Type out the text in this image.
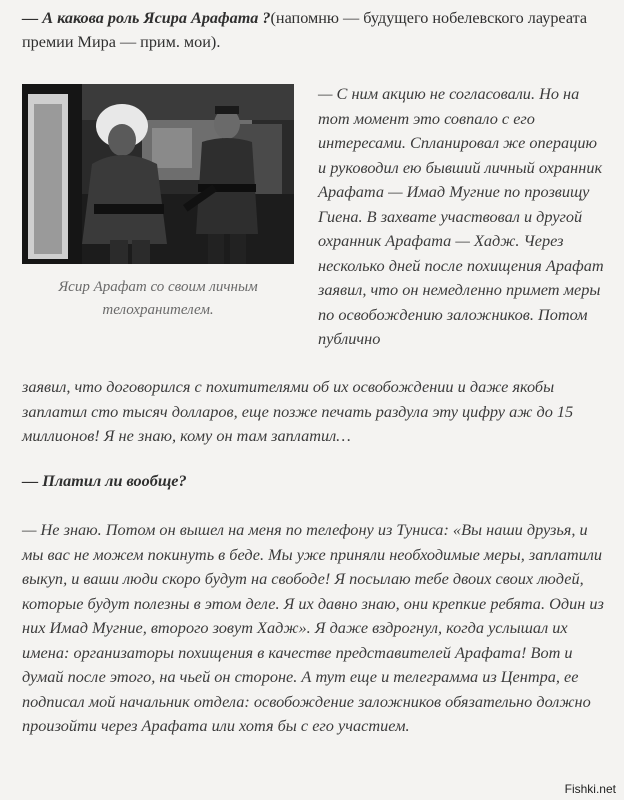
— А какова роль Ясира Арафата ?(напомню — будущего нобелевского лауреата премии Мира — прим. мои).
Ясир Арафат со своим личным телохранителем.

— С ним акцию не согласовали. Но на тот момент это совпало с его интересами. Спланировал же операцию и руководил ею бывший личный охранник Арафата — Имад Мугние по прозвищу Гиена. В захвате участвовал и другой охранник Арафата — Хадж. Через несколько дней после похищения Арафат заявил, что он немедленно примет меры по освобождению заложников. Потом публично

заявил, что договорился с похитителями об их освобождении и даже якобы заплатил сто тысяч долларов, еще позже печать раздула эту цифру аж до 15 миллионов! Я не знаю, кому он там заплатил…

— Платил ли вообще?

— Не знаю. Потом он вышел на меня по телефону из Туниса: «Вы наши друзья, и мы вас не можем покинуть в беде. Мы уже приняли необходимые меры, заплатили выкуп, и ваши люди скоро будут на свободе! Я посылаю тебе двоих своих людей, которые будут полезны в этом деле. Я их давно знаю, они крепкие ребята. Один из них Имад Мугние, второго зовут Хадж». Я даже вздрогнул, когда услышал их имена: организаторы похищения в качестве представителей Арафата! Вот и думай после этого, на чьей он стороне. А тут еще и телеграмма из Центра, ее подписал мой начальник отдела: освобождение заложников обязательно должно произойти через Арафата или хотя бы с его участием.

Fishki.net
